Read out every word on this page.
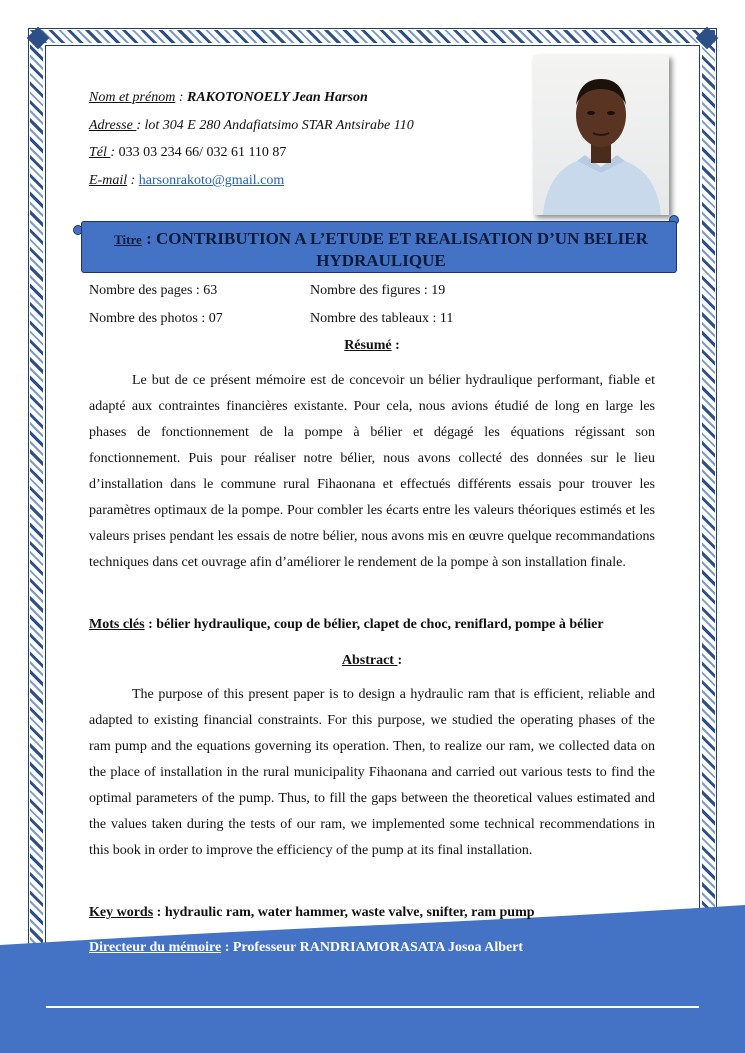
Nom et prénom : RAKOTONOELY Jean Harson
Adresse : lot 304 E 280 Andafiatsimo STAR Antsirabe 110
Tél : 033 03 234 66/ 032 61 110 87
E-mail : harsonrakoto@gmail.com
Titre : CONTRIBUTION A L’ETUDE ET REALISATION D’UN BELIER HYDRAULIQUE
Nombre des pages : 63	Nombre des figures : 19
Nombre des photos : 07	Nombre des tableaux : 11
Résumé :

Le but de ce présent mémoire est de concevoir un bélier hydraulique performant, fiable et adapté aux contraintes financières existante. Pour cela, nous avions étudié de long en large les phases de fonctionnement de la pompe à bélier et dégagé les équations régissant son fonctionnement. Puis pour réaliser notre bélier, nous avons collecté des données sur le lieu d’installation dans le commune rural Fihaonana et effectués différents essais pour trouver les paramètres optimaux de la pompe. Pour combler les écarts entre les valeurs théoriques estimés et les valeurs prises pendant les essais de notre bélier, nous avons mis en œuvre quelque recommandations techniques dans cet ouvrage afin d’améliorer le rendement de la pompe à son installation finale.

Mots clés : bélier hydraulique, coup de bélier, clapet de choc, reniflard, pompe à bélier
Abstract :

The purpose of this present paper is to design a hydraulic ram that is efficient, reliable and adapted to existing financial constraints. For this purpose, we studied the operating phases of the ram pump and the equations governing its operation. Then, to realize our ram, we collected data on the place of installation in the rural municipality Fihaonana and carried out various tests to find the optimal parameters of the pump. Thus, to fill the gaps between the theoretical values estimated and the values taken during the tests of our ram, we implemented some technical recommendations in this book in order to improve the efficiency of the pump at its final installation.

Key words : hydraulic ram, water hammer, waste valve, snifter, ram pump
Directeur du mémoire : Professeur RANDRIAMORASATA Josoa Albert
